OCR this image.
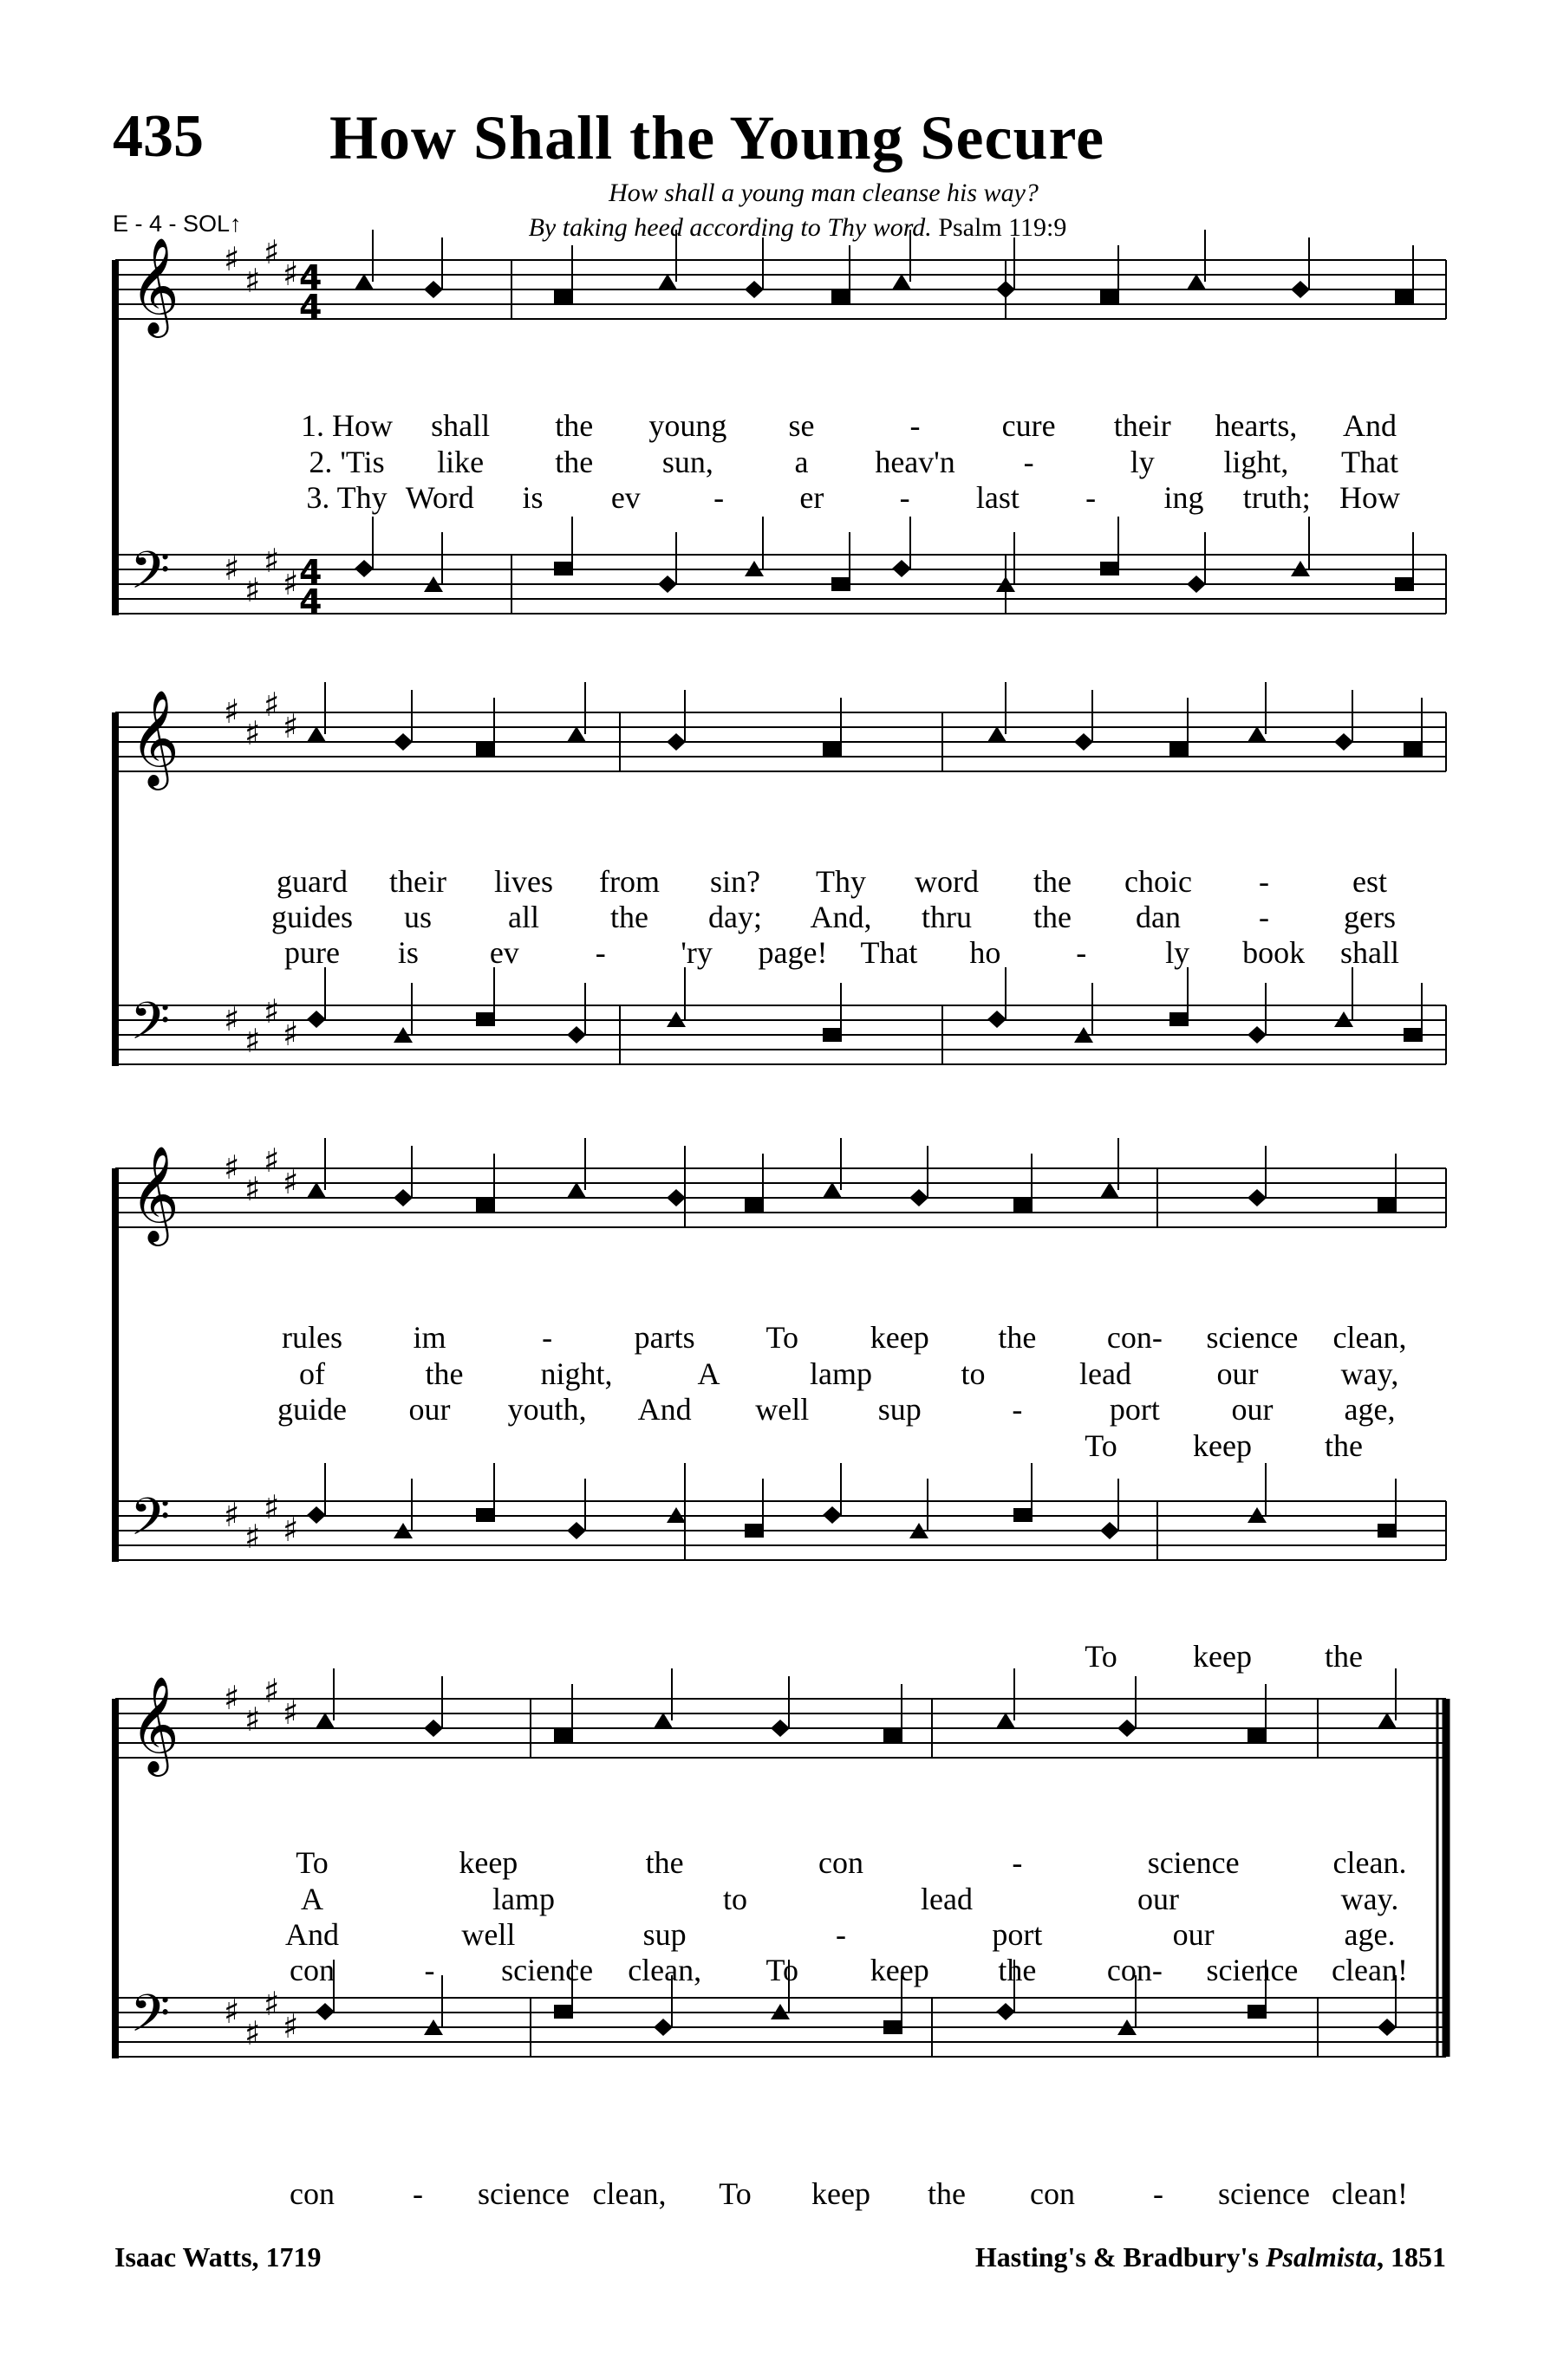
435 How Shall the Young Secure
E - 4 - SOL↑
How shall a young man cleanse his way?
By taking heed according to Thy word. Psalm 119:9
𝄞
𝄢
♯
♯
♯
♯
♯
♯
♯
♯
𝄞
𝄢
♯
♯
♯
♯
♯
♯
♯
♯
𝄞
𝄢
♯
♯
♯
♯
♯
♯
♯
♯
𝄞
𝄢
♯
♯
♯
♯
♯
♯
♯
♯
4
4
4
4
1. How shall the young se	-	cure their hearts, And
2. 'Tis like the sun,	a heav'n -	ly light, That
3. Thy Word is ev - er - last - ing truth; How
guard their lives from sin? Thy word the choic -	est
guides us all the day; And, thru the dan	- gers
pure is ev - 'ry page! That ho -	ly book shall
rules im	-	parts To keep the con- science clean,
of	the night,	A	lamp	to	lead	our	way,
guide our youth, And well sup	-	port our age,
To	keep	the	con	-	science	clean.
A	lamp	to	lead	our	way.
And	well	sup	-	port	our	age.
To keep the
To keep the
con	- science clean, To keep the con- science clean!
con	- science clean, To keep the con	- science clean!
Isaac Watts, 1719	Hasting's & Bradbury's Psalmista, 1851
